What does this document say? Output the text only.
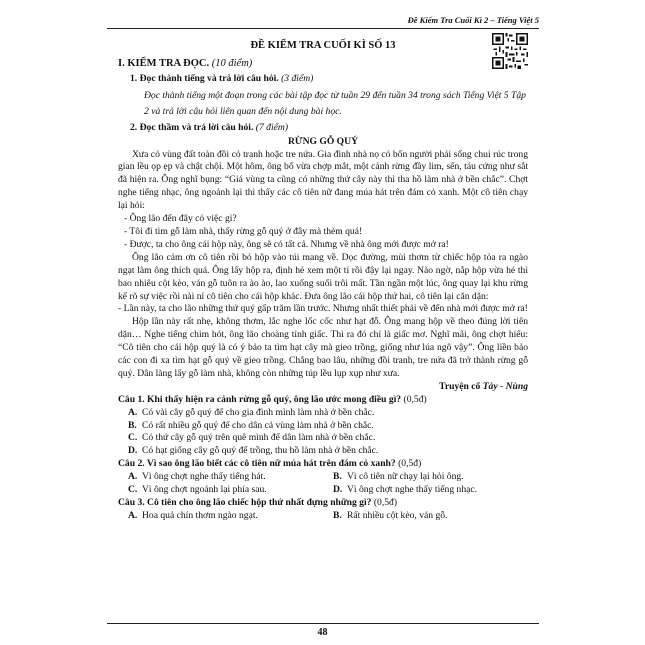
Đề Kiểm Tra Cuối Kì 2 – Tiếng Việt 5

ĐỀ KIỂM TRA CUỐI KÌ SỐ 13

I. KIỂM TRA ĐỌC. (10 điểm)

1. Đọc thành tiếng và trả lời câu hỏi. (3 điểm)

Đọc thành tiếng một đoạn trong các bài tập đọc từ tuần 29 đến tuần 34 trong sách Tiếng Việt 5 Tập 2 và trả lời câu hỏi liên quan đến nội dung bài học.

2. Đọc thầm và trả lời câu hỏi. (7 điểm)

RỪNG GỖ QUÝ

Xưa có vùng đất toàn đồi cỏ tranh hoặc tre nứa. Gia đình nhà nọ có bốn người phải sống chui rúc trong gian lều ọp ẹp và chật chội. Một hôm, ông bố vừa chợp mắt, một cảnh rừng đầy lim, sến, táu cứng như sắt đã hiện ra. Ông nghĩ bụng: “Giá vùng ta cũng có những thứ cây này thì tha hồ làm nhà ở bền chắc”. Chợt nghe tiếng nhạc, ông ngoảnh lại thì thấy các cô tiên nữ đang múa hát trên đám cỏ xanh. Một cô tiên chạy lại hỏi:

- Ông lão đến đây có việc gì?

- Tôi đi tìm gỗ làm nhà, thấy rừng gỗ quý ở đây mà thèm quá!

- Được, ta cho ông cái hộp này, ông sẽ có tất cả. Nhưng về nhà ông mới được mở ra!

Ông lão cảm ơn cô tiên rồi bỏ hộp vào túi mang về. Dọc đường, mùi thơm từ chiếc hộp tỏa ra ngào ngạt làm ông thích quá. Ông lấy hộp ra, định hé xem một tí rồi đậy lại ngay. Nào ngờ, nắp hộp vừa hé thì bao nhiêu cột kèo, ván gỗ tuôn ra ào ào, lao xuống suối trôi mất. Tần ngần một lúc, ông quay lại khu rừng kể rõ sự việc rồi nài nỉ cô tiên cho cái hộp khác. Đưa ông lão cái hộp thứ hai, cô tiên lại căn dặn:

- Lần này, ta cho lão những thứ quý gấp trăm lần trước. Nhưng nhất thiết phải về đến nhà mới được mở ra!

Hộp lần này rất nhẹ, không thơm, lắc nghe lốc cốc như hạt đỗ. Ông mang hộp về theo đúng lời tiên dặn… Nghe tiếng chim hót, ông lão choàng tỉnh giấc. Thì ra đó chỉ là giấc mơ. Nghĩ mãi, ông chợt hiểu: “Cô tiên cho cái hộp quý là có ý bảo ta tìm hạt cây mà gieo trồng, giống như lúa ngô vậy”. Ông liền bảo các con đi xa tìm hạt gỗ quý về gieo trồng. Chẳng bao lâu, những đồi tranh, tre nứa đã trở thành rừng gỗ quý. Dân làng lấy gỗ làm nhà, không còn những túp lều lụp xụp như xưa.

Truyện cổ Tày - Nùng

Câu 1. Khi thấy hiện ra cảnh rừng gỗ quý, ông lão ước mong điều gì? (0,5đ)

A. Có vài cây gỗ quý để cho gia đình mình làm nhà ở bền chắc.

B. Có rất nhiều gỗ quý để cho dân cả vùng làm nhà ở bền chắc.

C. Có thứ cây gỗ quý trên quê mình để dân làm nhà ở bền chắc.

D. Có hạt giống cây gỗ quý để trồng, thu hồ làm nhà ở bền chắc.

Câu 2. Vì sao ông lão biết các cô tiên nữ múa hát trên đám cỏ xanh? (0,5đ)

A. Vì ông chợt nghe thấy tiếng hát.	B. Vì cô tiên nữ chạy lại hỏi ông.
C. Vì ông chợt ngoảnh lại phía sau.	D. Vì ông chợt nghe thấy tiếng nhạc.

Câu 3. Cô tiên cho ông lão chiếc hộp thứ nhất đựng những gì? (0,5đ)

A. Hoa quả chín thơm ngào ngạt.	B. Rất nhiều cột kèo, ván gỗ.
48
